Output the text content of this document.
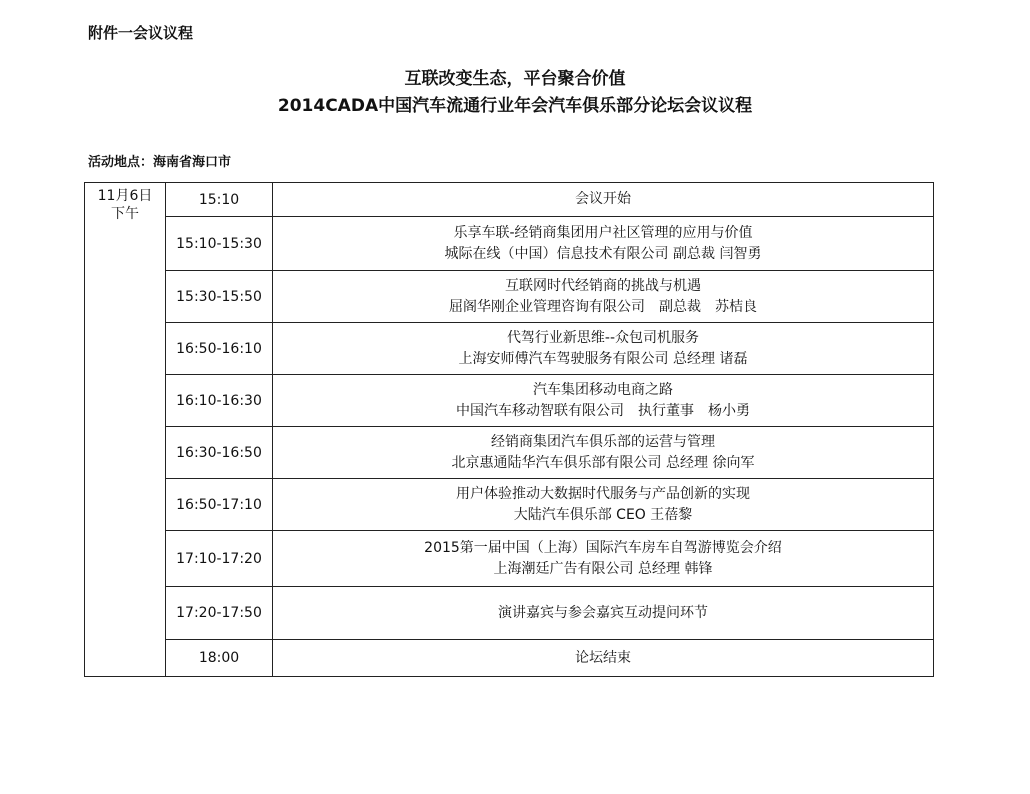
附件一会议议程
互联改变生态，平台聚合价值
2014CADA中国汽车流通行业年会汽车俱乐部分论坛会议议程
活动地点：海南省海口市
11月6日
下午	15:10	会议开始

	15:10-15:30	乐享车联-经销商集团用户社区管理的应用与价值
城际在线（中国）信息技术有限公司 副总裁 闫智勇

	15:30-15:50	互联网时代经销商的挑战与机遇
屈阁华刚企业管理咨询有限公司　副总裁　苏桔良

	16:50-16:10	代驾行业新思维--众包司机服务
上海安师傅汽车驾驶服务有限公司 总经理 诸磊

	16:10-16:30	汽车集团移动电商之路
中国汽车移动智联有限公司　执行董事　杨小勇

	16:30-16:50	经销商集团汽车俱乐部的运营与管理
北京惠通陆华汽车俱乐部有限公司 总经理 徐向军

	16:50-17:10	用户体验推动大数据时代服务与产品创新的实现
大陆汽车俱乐部 CEO 王蓓黎

	17:10-17:20	2015第一届中国（上海）国际汽车房车自驾游博览会介绍
上海潮廷广告有限公司 总经理 韩锋

	17:20-17:50	演讲嘉宾与参会嘉宾互动提问环节

	18:00	论坛结束
